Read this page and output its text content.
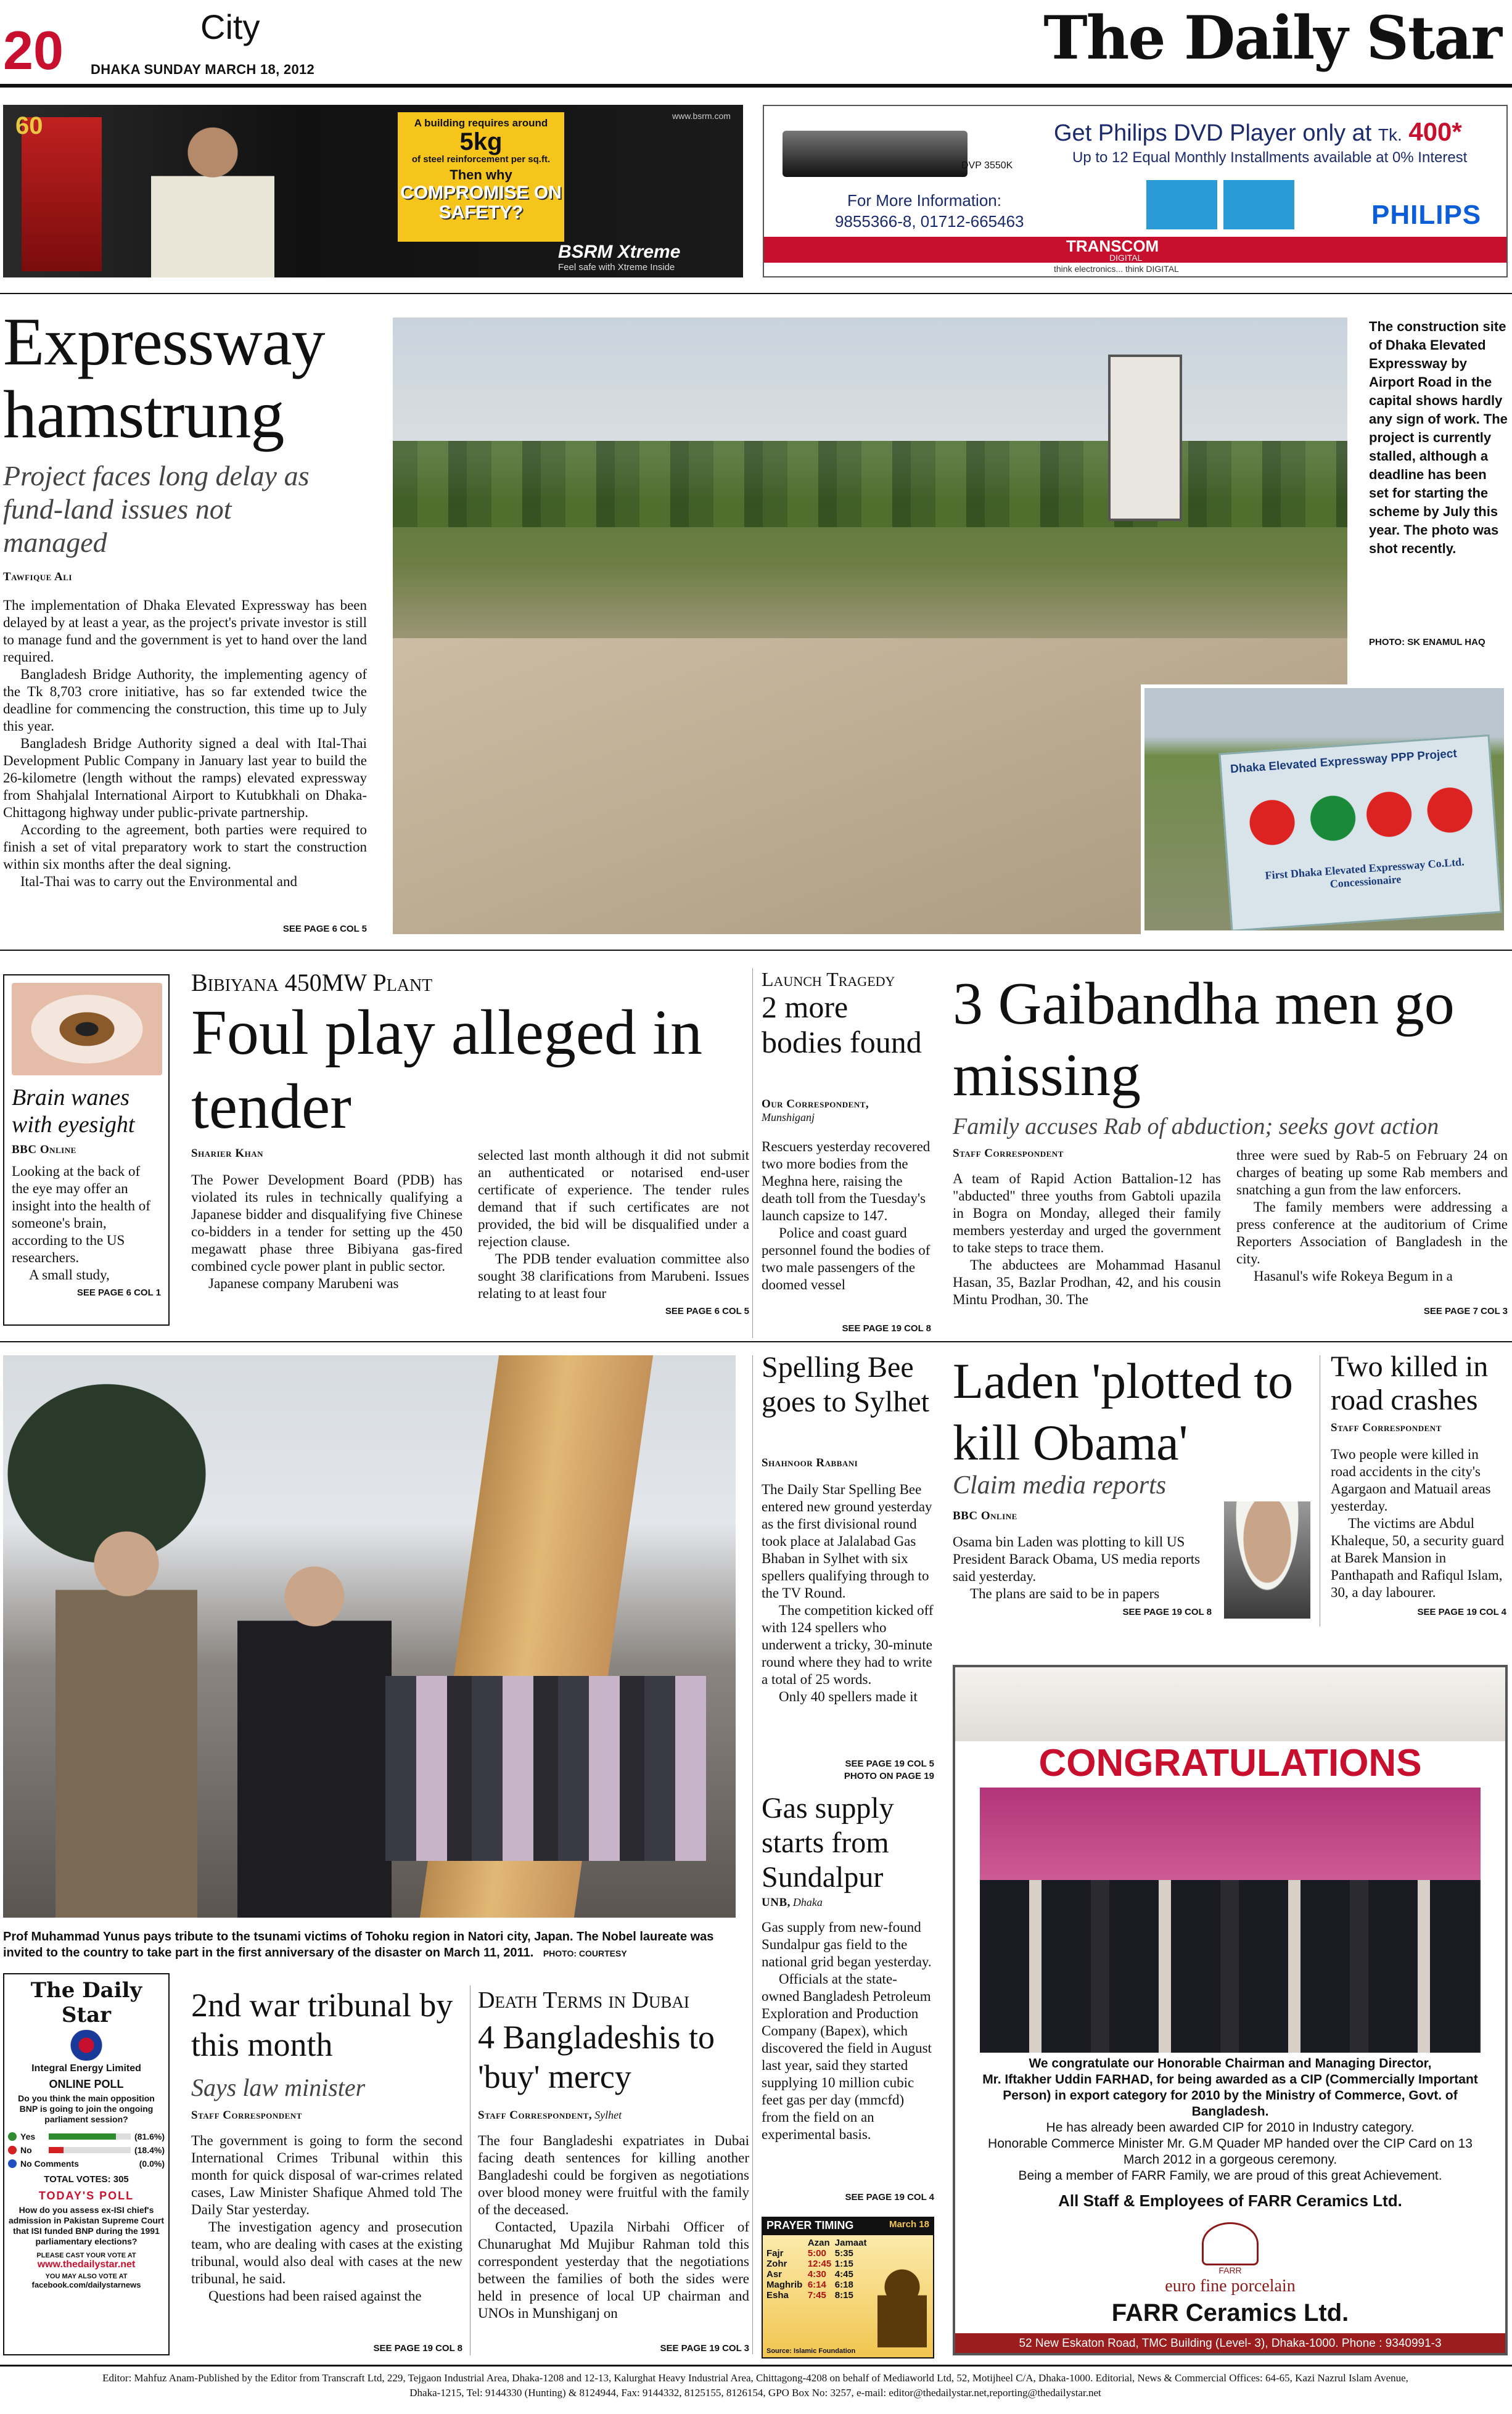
20	City
DHAKA SUNDAY MARCH 18, 2012	The Daily Star
60	A building requires around
5kg
of steel reinforcement per sq.ft.
Then why
COMPROMISE ON SAFETY?
www.bsrm.com
BSRM Xtreme
Feel safe with Xtreme Inside
DVP 3550K
Get Philips DVD Player only at Tk. 400*
Up to 12 Equal Monthly Installments available at 0% Interest
For More Information:
9855366-8, 01712-665463	PHILIPS
TRANSCOM
DIGITAL
think electronics... think DIGITAL
Expressway hamstrung
Project faces long delay as fund-land issues not managed
Tawfique Ali

The implementation of Dhaka Elevated Expressway has been delayed by at least a year, as the project's private investor is still to manage fund and the government is yet to hand over the land required.

Bangladesh Bridge Authority, the implementing agency of the Tk 8,703 crore initiative, has so far extended twice the deadline for commencing the construction, this time up to July this year.

Bangladesh Bridge Authority signed a deal with Ital-Thai Development Public Company in January last year to build the 26-kilometre (length without the ramps) elevated expressway from Shahjalal International Airport to Kutubkhali on Dhaka-Chittagong highway under public-private partnership.

According to the agreement, both parties were required to finish a set of vital preparatory work to start the construction within six months after the deal signing.

Ital-Thai was to carry out the Environmental and

SEE PAGE 6 COL 5
Dhaka Elevated Expressway PPP Project
First Dhaka Elevated Expressway Co.Ltd. Concessionaire
The construction site of Dhaka Elevated Expressway by Airport Road in the capital shows hardly any sign of work. The project is currently stalled, although a deadline has been set for starting the scheme by July this year. The photo was shot recently.
PHOTO: SK ENAMUL HAQ
Brain wanes with eyesight
BBC Online
Looking at the back of the eye may offer an insight into the health of someone's brain, according to the US researchers.
A small study,
SEE PAGE 6 COL 1
Bibiyana 450MW Plant
Foul play alleged in tender
Sharier Khan

The Power Development Board (PDB) has violated its rules in technically qualifying a Japanese bidder and disqualifying five Chinese co-bidders in a tender for setting up the 450 megawatt phase three Bibiyana gas-fired combined cycle power plant in public sector.

Japanese company Marubeni was

selected last month although it did not submit an authenticated or notarised end-user certificate of experience. The tender rules demand that if such certificates are not provided, the bid will be disqualified under a rejection clause.

The PDB tender evaluation committee also sought 38 clarifications from Marubeni. Issues relating to at least four

SEE PAGE 6 COL 5
Launch Tragedy
2 more bodies found
Our Correspondent,
Munshiganj

Rescuers yesterday recovered two more bodies from the Meghna here, raising the death toll from the Tuesday's launch capsize to 147.

Police and coast guard personnel found the bodies of two male passengers of the doomed vessel

SEE PAGE 19 COL 8
3 Gaibandha men go missing
Family accuses Rab of abduction; seeks govt action
Staff Correspondent

A team of Rapid Action Battalion-12 has "abducted" three youths from Gabtoli upazila in Bogra on Monday, alleged their family members yesterday and urged the government to take steps to trace them.

The abductees are Mohammad Hasanul Hasan, 35, Bazlar Prodhan, 42, and his cousin Mintu Prodhan, 30. The

three were sued by Rab-5 on February 24 on charges of beating up some Rab members and snatching a gun from the law enforcers.

The family members were addressing a press conference at the auditorium of Crime Reporters Association of Bangladesh in the city.

Hasanul's wife Rokeya Begum in a

SEE PAGE 7 COL 3
Prof Muhammad Yunus pays tribute to the tsunami victims of Tohoku region in Natori city, Japan. The Nobel laureate was invited to the country to take part in the first anniversary of the disaster on March 11, 2011. PHOTO: COURTESY
Spelling Bee goes to Sylhet
Shahnoor Rabbani

The Daily Star Spelling Bee entered new ground yesterday as the first divisional round took place at Jalalabad Gas Bhaban in Sylhet with six spellers qualifying through to the TV Round.

The competition kicked off with 124 spellers who underwent a tricky, 30-minute round where they had to write a total of 25 words.

Only 40 spellers made it

SEE PAGE 19 COL 5
PHOTO ON PAGE 19
Gas supply starts from Sundalpur
UNB, Dhaka

Gas supply from new-found Sundalpur gas field to the national grid began yesterday.

Officials at the state-owned Bangladesh Petroleum Exploration and Production Company (Bapex), which discovered the field in August last year, said they started supplying 10 million cubic feet gas per day (mmcfd) from the field on an experimental basis.

SEE PAGE 19 COL 4
PRAYER TIMING	March 18
	Azan	Jamaat
Fajr	5:00	5:35
Zohr	12:45	1:15
Asr	4:30	4:45
Maghrib	6:14	6:18
Esha	7:45	8:15
Source: Islamic Foundation
Laden 'plotted to kill Obama'
Claim media reports
BBC Online

Osama bin Laden was plotting to kill US President Barack Obama, US media reports said yesterday.

The plans are said to be in papers

SEE PAGE 19 COL 8
Two killed in road crashes
Staff Correspondent

Two people were killed in road accidents in the city's Agargaon and Matuail areas yesterday.

The victims are Abdul Khaleque, 50, a security guard at Barek Mansion in Panthapath and Rafiqul Islam, 30, a day labourer.

SEE PAGE 19 COL 4
CONGRATULATIONS
We congratulate our Honorable Chairman and Managing Director,
Mr. Iftakher Uddin FARHAD, for being awarded as a CIP (Commercially Important Person) in export category for 2010 by the Ministry of Commerce, Govt. of Bangladesh.
He has already been awarded CIP for 2010 in Industry category.
Honorable Commerce Minister Mr. G.M Quader MP handed over the CIP Card on 13 March 2012 in a gorgeous ceremony.
Being a member of FARR Family, we are proud of this great Achievement.
All Staff & Employees of FARR Ceramics Ltd.
FARR
euro fine porcelain
FARR Ceramics Ltd.
52 New Eskaton Road, TMC Building (Level- 3), Dhaka-1000. Phone : 9340991-3
The Daily Star
Integral Energy Limited
ONLINE POLL
Do you think the main opposition BNP is going to join the ongoing parliament session?
Yes	(81.6%)
No	(18.4%)
No Comments	(0.0%)
TOTAL VOTES: 305
TODAY'S POLL
How do you assess ex-ISI chief's admission in Pakistan Supreme Court that ISI funded BNP during the 1991 parliamentary elections?
PLEASE CAST YOUR VOTE AT
www.thedailystar.net
YOU MAY ALSO VOTE AT
facebook.com/dailystarnews
2nd war tribunal by this month
Says law minister
Staff Correspondent

The government is going to form the second International Crimes Tribunal within this month for quick disposal of war-crimes related cases, Law Minister Shafique Ahmed told The Daily Star yesterday.

The investigation agency and prosecution team, who are dealing with cases at the existing tribunal, would also deal with cases at the new tribunal, he said.

Questions had been raised against the

SEE PAGE 19 COL 8
Death Terms in Dubai
4 Bangladeshis to 'buy' mercy
Staff Correspondent, Sylhet

The four Bangladeshi expatriates in Dubai facing death sentences for killing another Bangladeshi could be forgiven as negotiations over blood money were fruitful with the family of the deceased.

Contacted, Upazila Nirbahi Officer of Chunarughat Md Mujibur Rahman told this correspondent yesterday that the negotiations between the families of both the sides were held in presence of local UP chairman and UNOs in Munshiganj on

SEE PAGE 19 COL 3
Editor: Mahfuz Anam-Published by the Editor from Transcraft Ltd, 229, Tejgaon Industrial Area, Dhaka-1208 and 12-13, Kalurghat Heavy Industrial Area, Chittagong-4208 on behalf of Mediaworld Ltd, 52, Motijheel C/A, Dhaka-1000. Editorial, News & Commercial Offices: 64-65, Kazi Nazrul Islam Avenue,
Dhaka-1215, Tel: 9144330 (Hunting) & 8124944, Fax: 9144332, 8125155, 8126154, GPO Box No: 3257, e-mail: editor@thedailystar.net,reporting@thedailystar.net
